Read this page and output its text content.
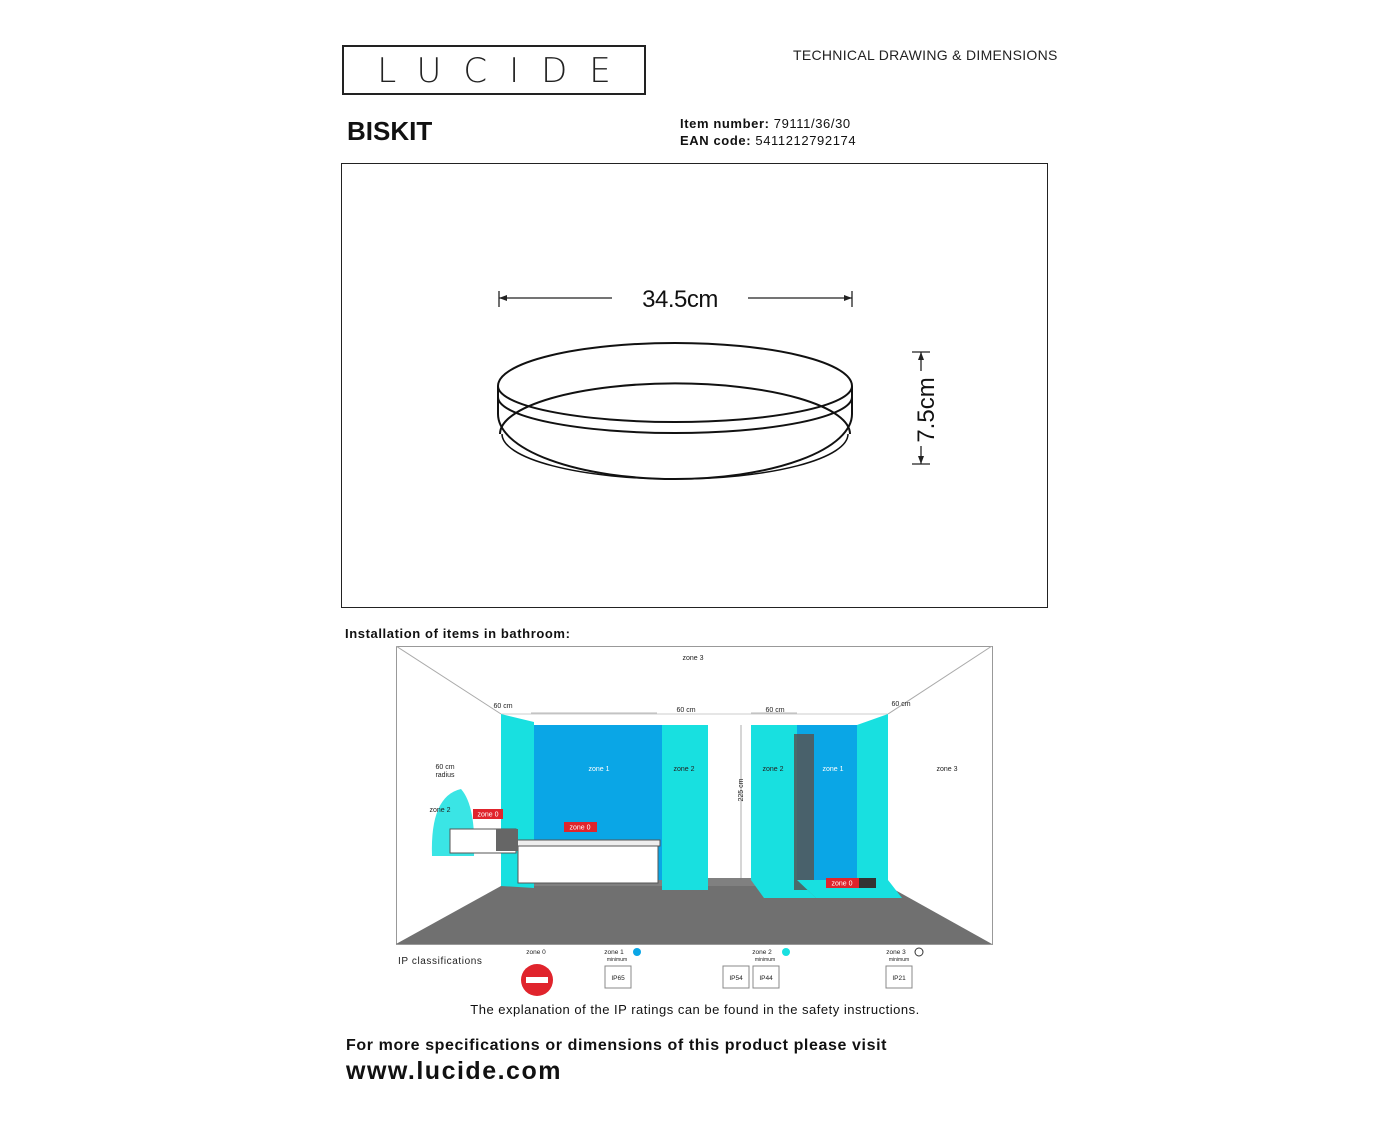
LUCIDE	TECHNICAL DRAWING & DIMENSIONS
BISKIT	Item number: 79111/36/30
EAN code: 5411212792174
34.5cm
7.5cm
Installation of items in bathroom:
zone 3
zone 3
zone 1	zone 2	zone 2	zone 1
zone 2
zone 0
zone 0
zone 0
60 cm
60 cm	60 cm
60 cm
60 cm
radius
225 cm
IP classifications
zone 0	zone 1
minimum
IP65
zone 2
minimum
IP54	IP44
zone 3
minimum
IP21
The explanation of the IP ratings can be found in the safety instructions.
For more specifications or dimensions of this product please visit
www.lucide.com
